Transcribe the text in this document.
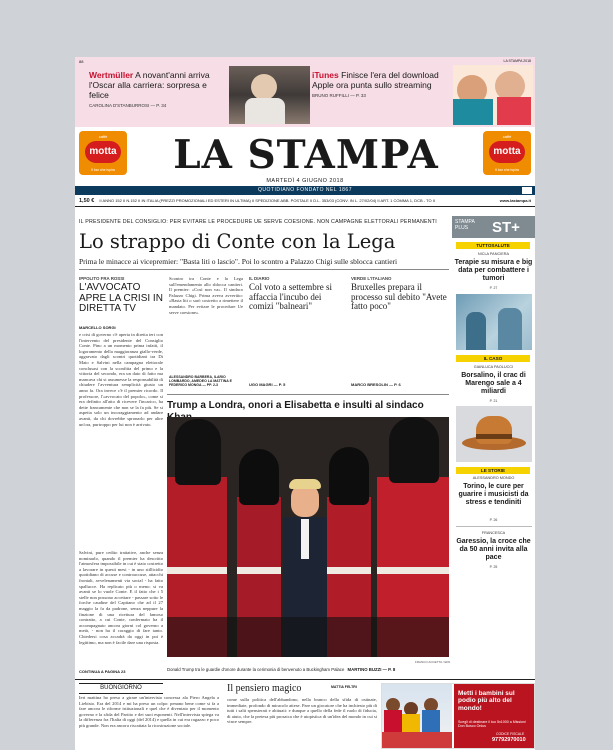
88	LA STAMPA 2018
Wertmüller A novant'anni arriva l'Oscar alla carriera: sorpresa e felice
CAROLINA D'STANBURROSI — P. 34
iTunes Finisce l'era del download Apple ora punta sullo streaming
BRUNO RUFFILLI — P. 33
caffè
motta
Il bar che ispira	LA STAMPA	caffè
motta
Il bar che ispira
MARTEDÌ 4 GIUGNO 2018
QUOTIDIANO FONDATO NEL 1867
1,50 € II ANNO 152 II N.152 II IN ITALIA (PREZZI PROMOZIONALI ED ESTERI IN ULTIMA) II SPEDIZIONE ABB. POSTALE II D.L. 353/03 (CONV. IN L. 27/02/04) II ART. 1 COMMA 1, DCB - TO II	www.lastampa.it
IL PRESIDENTE DEL CONSIGLIO: PER EVITARE LE PROCEDURE UE SERVE COESIONE. NON CAMPAGNE ELETTORALI PERMANENTI
Lo strappo di Conte con la Lega
Prima le minacce ai vicepremier: "Basta liti o lascio". Poi lo scontro a Palazzo Chigi sulle sblocca cantieri
IPPOLITO FRA ROSSI
L'AVVOCATO APRE LA CRISI IN DIRETTA TV
MARCELLO SORGI
e crisi di governo c'è aperta in diretta ieri con l'intervento del presidente del Consiglio Conte. Pino a un momento prima infatti, il logoramento della maggioranza giallo-verde, aggravato dagli scontri quotidiani tra Di Maio e Salvini nella campagna elettorale conclusasi con la sconfitta del primo e la vittoria del secondo, era un dato di fatto ma mancava chi si assumesse la responsabilità di chiudere l'avventura semplicità giusto un anno fa. Ora invece c'è il premier ricordo. Il professore, l'«avvocato del popolo», come si era definito all'atto di ricevere l'incarico, ha dette francamente che non se la fa più. Se si aspetta solo un incoraggiamento ad andare avanti, da chi dovrebbe spronarlo per altre un'ora, purtroppo per lui non è arrivato.
Salvini, pure cedito trattative, anche senza nominarlo, quando il premier ha descritto l'atmosfera impossibile in cui è stato costretto a lavorare in questi mesi - in uno stillicidio quotidiano di accuse e controaccuse, attacchi frontali, avvelenamenti via social - ha fatto spallucce. Ha replicato più o meno: si va avanti se lo vuole Conte. E il fatto che i 5 stelle non possono accettare - passare sotto le forche caudine del Capitano che ad il 27 maggio la fa da padrone, senza neppure la finzione di una ricettura del famoso contratto, a cui Conte, confermato ha il accompagnato ancora giorni col governo a metà, - non ha il coraggio di fare tanto. Chiedersi cosa accadrà da oggi in poi è legittimo, ma non è facile dare una risposta.
CONTINUA A PAGINA 23
Scontro tra Conte e la Lega sull'emendamento allo sblocca cantieri. Il premier: «Così non va». Il sindaco Palazzo Chigi. Prima aveva avvertito: «Basta liti o sarò costretto a rimettere il mandato. Per evitare le procedure Ue serve coesione».
ALESSANDRO BARBERA, ILARIO LOMBARDO, AMEDEO LA MATTINA E FEDERICO MONGA — PP. 2-3
IL DIARIO
Col voto a settembre si affaccia l'incubo dei comizi "balneari"
UGO MAGRI — P. 5
VERDE L'ITALIANO
Bruxelles prepara il processo sul debito "Avete fatto poco"
MARCO BRESOLIN — P. 6
Trump a Londra, onori a Elisabetta e insulti al sindaco
FRANCO ACCETTA / EPA
Donald Trump tra le guardie d'onore durante la cerimonia di benvenuto a Buckingham Palace MARTINO BUZZI — P. 8
STAMPA PLUS	ST+
TUTTOSALUTE
NICLA PANCIERA
Terapie su misura e big data per combattere i tumori
P. 27
IL CASO
GIANLUCA PAOLUCCI
Borsalino, il crac di Marengo sale a 4 miliardi
P. 21
LE STORIE
ALESSANDRO MONDO
Torino, le cure per guarire i musicisti da stress e tendiniti
P. 26
FRANCESCA
Garessio, la croce che da 50 anni invita alla pace
P. 25
BUONGIORNO
Ieri mattina ho preso a girare un'intervista concessa ala Piero Angela a Liebisto. Era del 2014 e mi ha preso un colpo: penano bene come si fa a fare ancora le riforme istituzionali e quel che è diventato per il momento governo e la sfida del Partito e dei suoi esponenti. Nell'intervista spiega va la differenza fra l'Italia di oggi (del 2014) e quella in cui era ragazzo e poco più grande. Non era ancora riscattata la ricostruzione sociale.
Il pensiero magico	MATTIA FELTRI
come sulla politica dell'abbandono, nella branco della sfida di ostinate, immediate, profondo di miracolo attese. Pare un giocatore che ha inchiesto più di tutti i salti spensierati e abituati: e dunque a quello della fede il ruolo di fiducia, di aiuto, che la pretesa più prosaica che è utopistica di un'idea del mondo in cui si vince sempre.
Metti i bambini sul podio più alto del mondo!
Scegli di destinare il tuo 5x1000 a Missioni Don Bosco Onlus
CODICE FISCALE
97792970010
